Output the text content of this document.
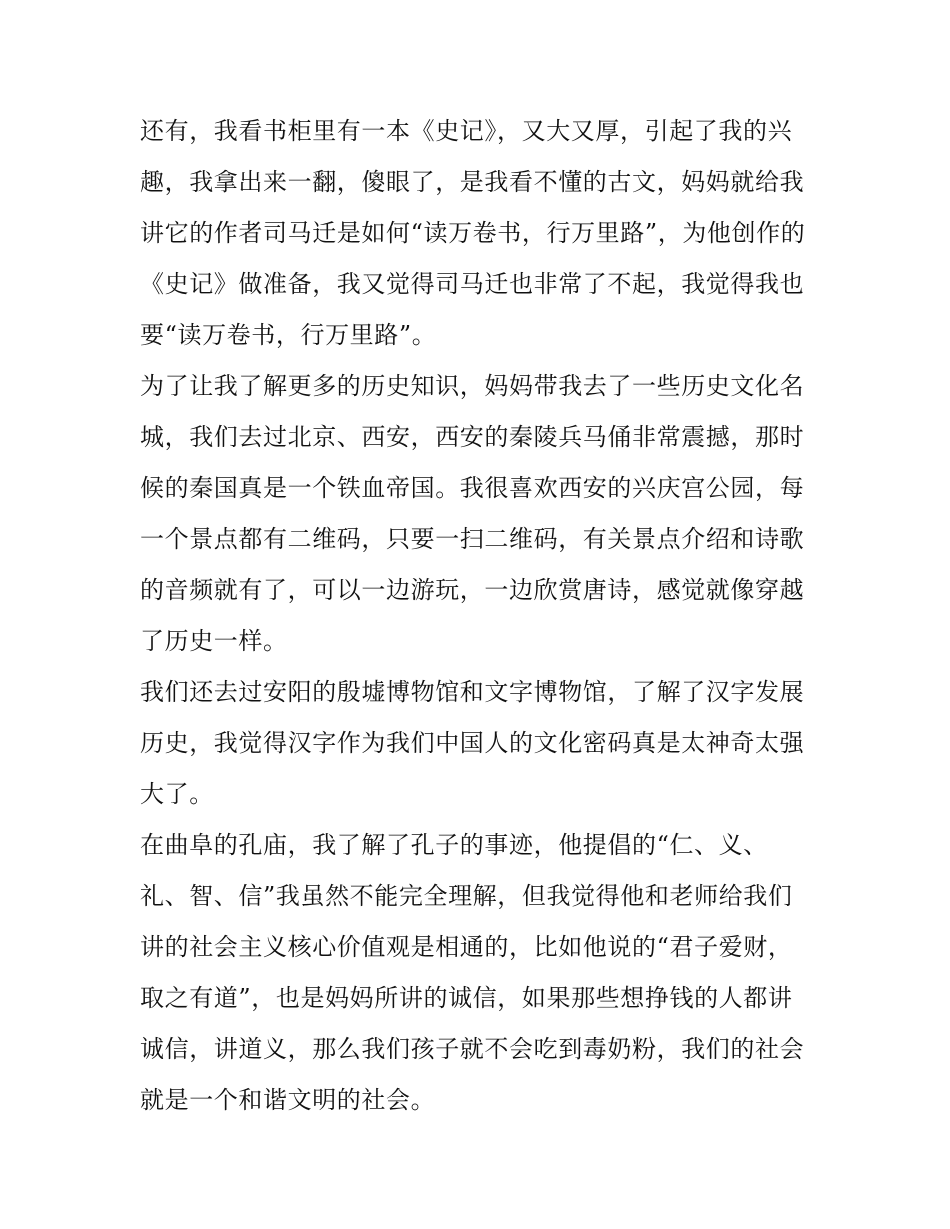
还有，我看书柜里有一本《史记》，又大又厚，引起了我的兴
趣，我拿出来一翻，傻眼了，是我看不懂的古文，妈妈就给我
讲它的作者司马迁是如何“读万卷书，行万里路”，为他创作的
《史记》做准备，我又觉得司马迁也非常了不起，我觉得我也
要“读万卷书，行万里路”。
为了让我了解更多的历史知识，妈妈带我去了一些历史文化名
城，我们去过北京、西安，西安的秦陵兵马俑非常震撼，那时
候的秦国真是一个铁血帝国。我很喜欢西安的兴庆宫公园，每
一个景点都有二维码，只要一扫二维码，有关景点介绍和诗歌
的音频就有了，可以一边游玩，一边欣赏唐诗，感觉就像穿越
了历史一样。
我们还去过安阳的殷墟博物馆和文字博物馆，了解了汉字发展
历史，我觉得汉字作为我们中国人的文化密码真是太神奇太强
大了。
在曲阜的孔庙，我了解了孔子的事迹，他提倡的“仁、义、
礼、智、信”我虽然不能完全理解，但我觉得他和老师给我们
讲的社会主义核心价值观是相通的，比如他说的“君子爱财，
取之有道”，也是妈妈所讲的诚信，如果那些想挣钱的人都讲
诚信，讲道义，那么我们孩子就不会吃到毒奶粉，我们的社会
就是一个和谐文明的社会。
